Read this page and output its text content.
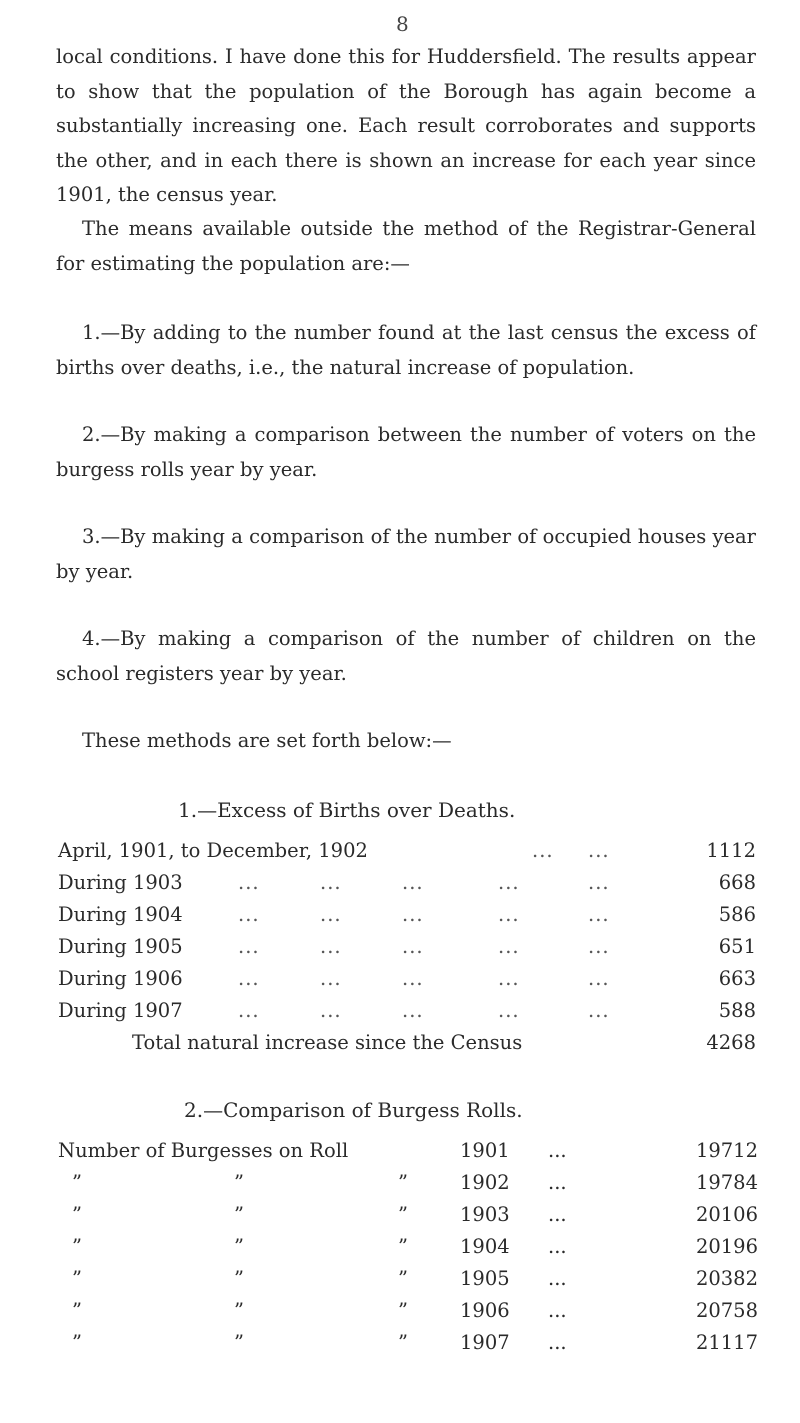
8

local conditions. I have done this for Huddersfield. The results appear to show that the population of the Borough has again become a substantially increasing one. Each result corroborates and supports the other, and in each there is shown an increase for each year since 1901, the census year.

The means available outside the method of the Registrar-General for estimating the population are:—

1.—By adding to the number found at the last census the excess of births over deaths, i.e., the natural increase of population.

2.—By making a comparison between the number of voters on the burgess rolls year by year.

3.—By making a comparison of the number of occupied houses year by year.

4.—By making a comparison of the number of children on the school registers year by year.

These methods are set forth below:—

1.—Excess of Births over Deaths.
April, 1901, to December, 1902	... ...	1112
During 1903	...	...	...	...	...	668
During 1904	...	...	...	...	...	586
During 1905	...	...	...	...	...	651
During 1906	...	...	...	...	...	663
During 1907	...	...	...	...	...	588
Total natural increase since the Census	4268
2.—Comparison of Burgess Rolls.
Number of Burgesses on Roll	1901 ...	19712
”	”	”	1902 ...	19784
”	”	”	1903 ...	20106
”	”	”	1904 ...	20196
”	”	”	1905 ...	20382
”	”	”	1906 ...	20758
”	”	”	1907 ...	21117
